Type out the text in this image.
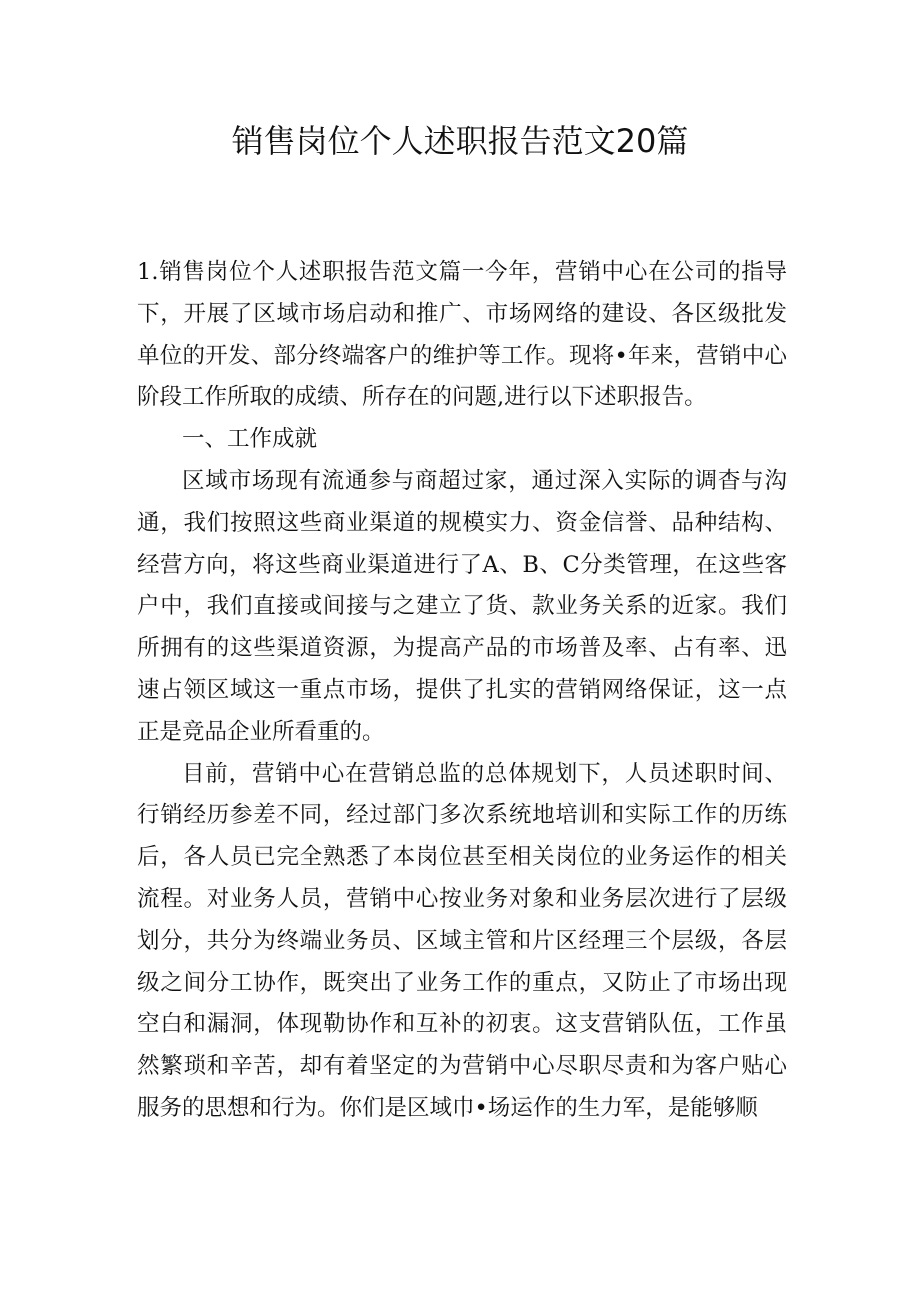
销售岗位个人述职报告范文20篇

1.销售岗位个人述职报告范文篇一今年，营销中心在公司的指导下，开展了区域市场启动和推广、市场网络的建设、各区级批发单位的开发、部分终端客户的维护等工作。现将•年来，营销中心阶段工作所取的成绩、所存在的问题,进行以下述职报告。

一、工作成就

区域市场现有流通参与商超过家，通过深入实际的调杳与沟通，我们按照这些商业渠道的规模实力、资金信誉、品种结构、经营方向，将这些商业渠道进行了A、B、C分类管理，在这些客户中，我们直接或间接与之建立了货、款业务关系的近家。我们所拥有的这些渠道资源，为提高产品的市场普及率、占有率、迅速占领区域这一重点市场，提供了扎实的营销网络保证，这一点正是竞品企业所看重的。

目前，营销中心在营销总监的总体规划下，人员述职时间、行销经历参差不同，经过部门多次系统地培训和实际工作的历练后，各人员已完全熟悉了本岗位甚至相关岗位的业务运作的相关流程。对业务人员，营销中心按业务对象和业务层次进行了层级划分，共分为终端业务员、区域主管和片区经理三个层级，各层级之间分工协作，既突出了业务工作的重点，又防止了市场出现空白和漏洞，体现勒协作和互补的初衷。这支营销队伍，工作虽然繁琐和辛苦，却有着坚定的为营销中心尽职尽责和为客户贴心服务的思想和行为。你们是区域巾•场运作的生力军，是能够顺
